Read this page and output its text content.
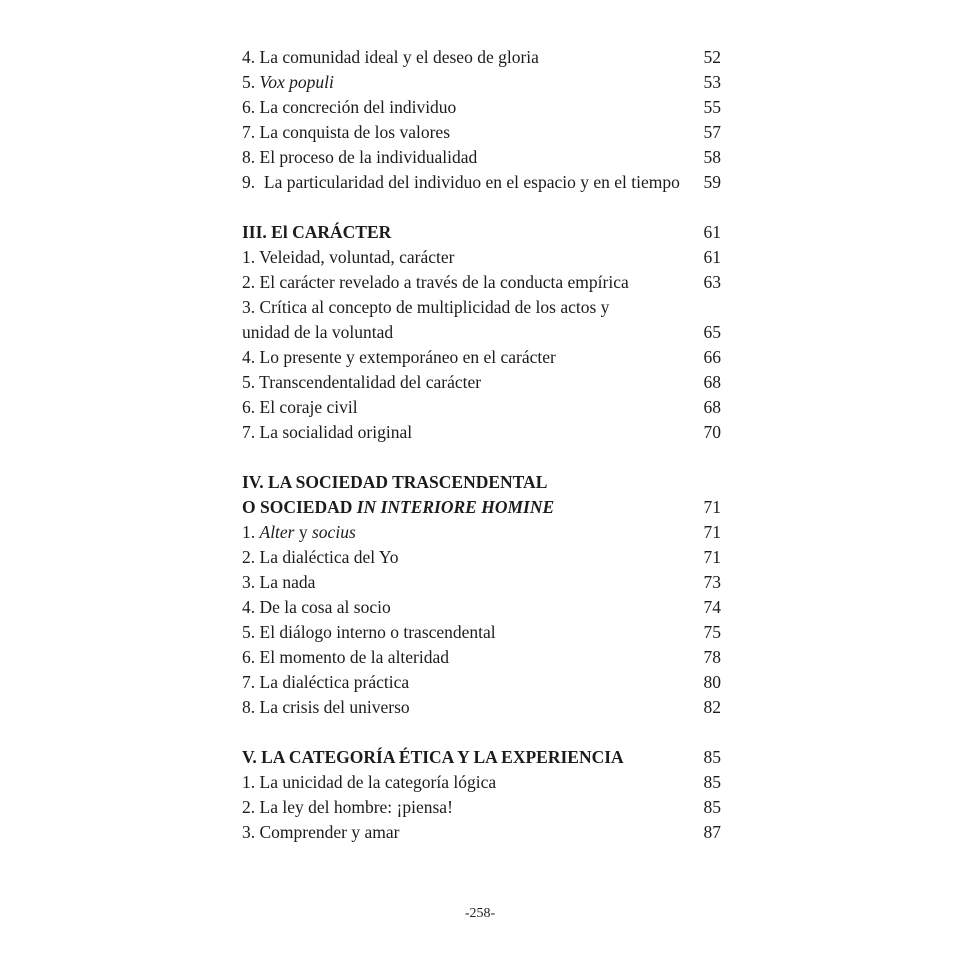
4. La comunidad ideal y el deseo de gloria	52
5. Vox populi	53
6. La concreción del individuo	55
7. La conquista de los valores	57
8. El proceso de la individualidad	58
9.  La particularidad del individuo en el espacio y en el tiempo 59
III. El CARÁCTER	61
1. Veleidad, voluntad, carácter	61
2. El carácter revelado a través de la conducta empírica	63
3. Crítica al concepto de multiplicidad de los actos y
unidad de la voluntad	65
4. Lo presente y extemporáneo en el carácter	66
5. Transcendentalidad del carácter	68
6. El coraje civil	68
7. La socialidad original	70
IV. LA SOCIEDAD TRASCENDENTAL
O SOCIEDAD IN INTERIORE HOMINE	71
1. Alter y socius	71
2. La dialéctica del Yo	71
3. La nada	73
4. De la cosa al socio	74
5. El diálogo interno o trascendental	75
6. El momento de la alteridad	78
7. La dialéctica práctica	80
8. La crisis del universo	82
V. LA CATEGORÍA ÉTICA Y LA EXPERIENCIA	85
1. La unicidad de la categoría lógica	85
2. La ley del hombre: ¡piensa!	85
3. Comprender y amar	87
-258-
